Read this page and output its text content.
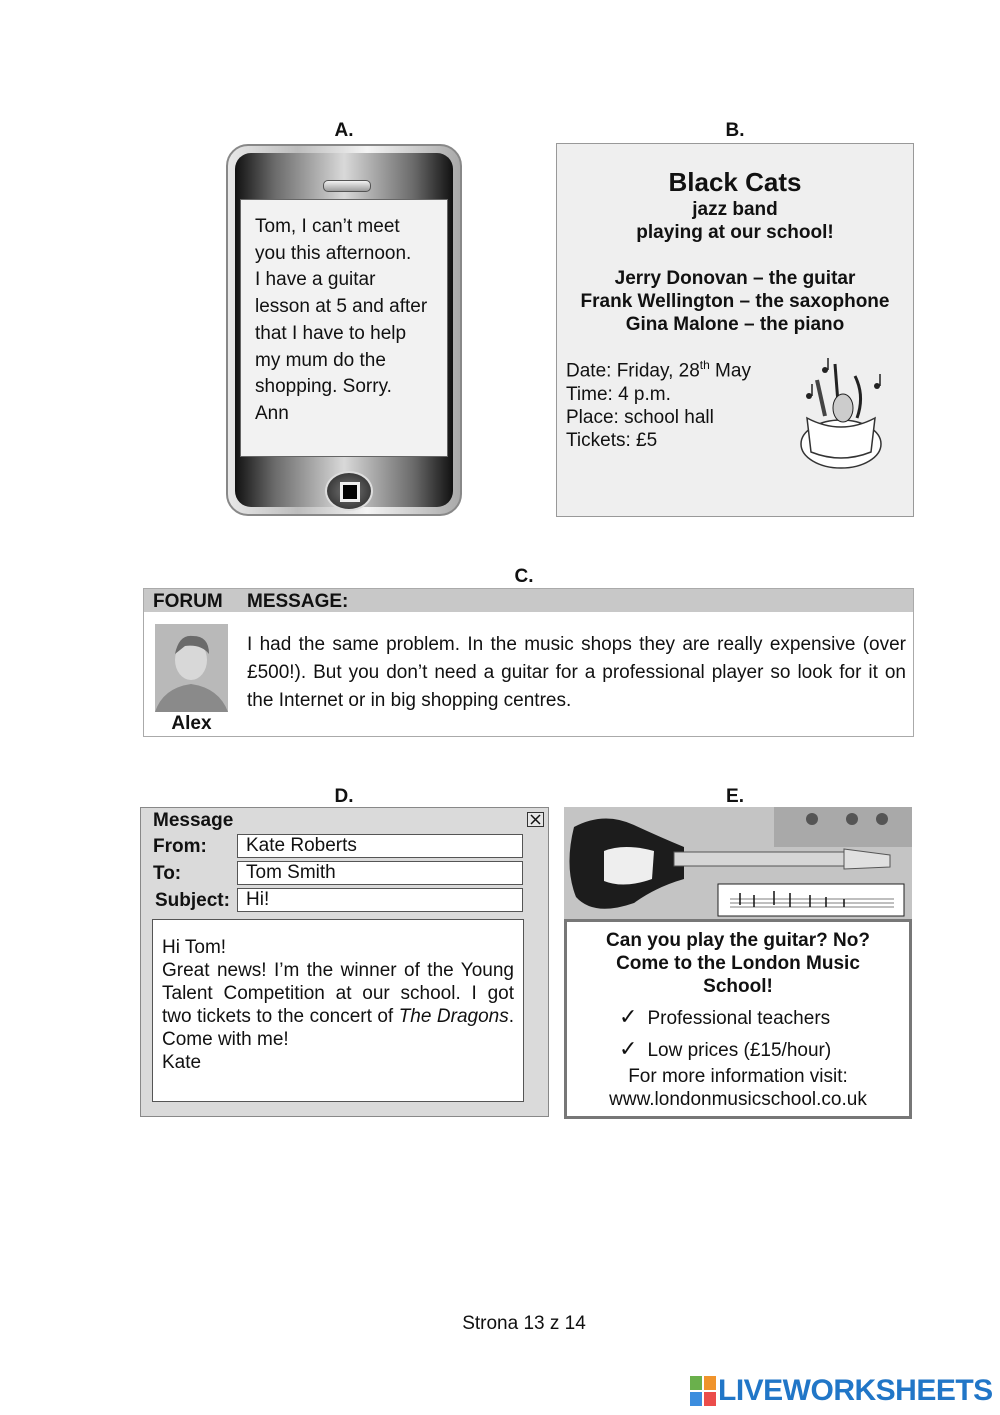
A.	B.
C.
D.	E.
Tom, I can’t meet
you this afternoon.
I have a guitar
lesson at 5 and after
that I have to help
my mum do the
shopping. Sorry.
Ann
Black Cats
jazz band
playing at our school!
Jerry Donovan – the guitar
Frank Wellington – the saxophone
Gina Malone – the piano
Date: Friday, 28th May
Time: 4 p.m.
Place: school hall
Tickets: £5
FORUM MESSAGE:
Alex
I had the same problem. In the music shops they are really expensive (over £500!). But you don’t need a guitar for a professional player so look for it on the Internet or in big shopping centres.
Message
From:	Kate Roberts
To:	Tom Smith
Subject: Hi!
Hi Tom!
Great news! I’m the winner of the Young Talent Competition at our school. I got two tickets to the concert of The Dragons. Come with me!
Kate
Can you play the guitar? No?
Come to the London Music
School!
✓ Professional teachers
✓ Low prices (£15/hour)
For more information visit:
www.londonmusicschool.co.uk
Strona 13 z 14
LIVEWORKSHEETS
